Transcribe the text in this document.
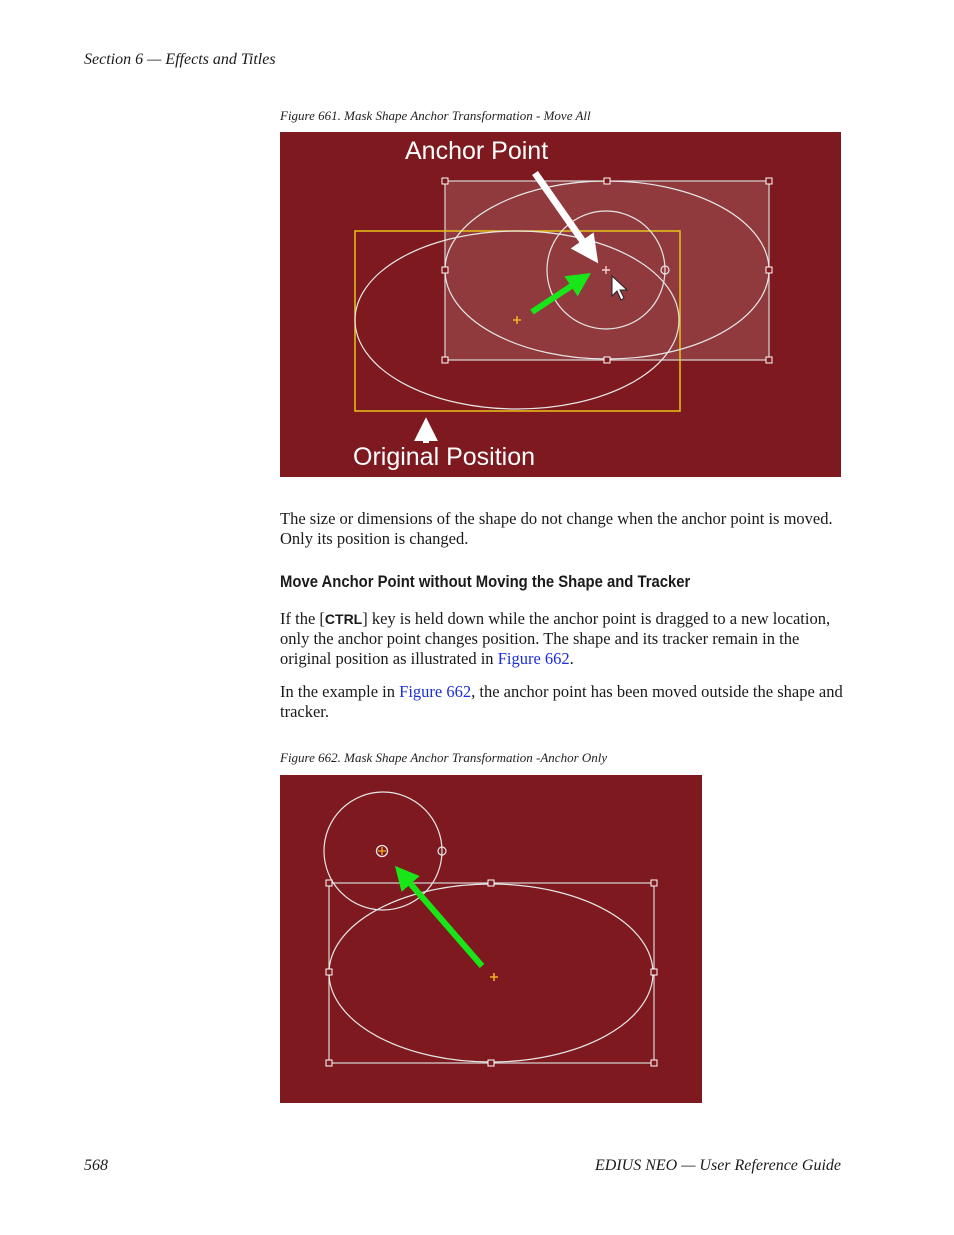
Section 6 — Effects and Titles
Figure 661. Mask Shape Anchor Transformation - Move All
Anchor Point
Original Position

The size or dimensions of the shape do not change when the anchor point is moved. Only its position is changed.

Move Anchor Point without Moving the Shape and Tracker

If the [CTRL] key is held down while the anchor point is dragged to a new location, only the anchor point changes position. The shape and its tracker remain in the original position as illustrated in Figure 662.

In the example in Figure 662, the anchor point has been moved outside the shape and tracker.

Figure 662. Mask Shape Anchor Transformation -Anchor Only
568	EDIUS NEO — User Reference Guide
